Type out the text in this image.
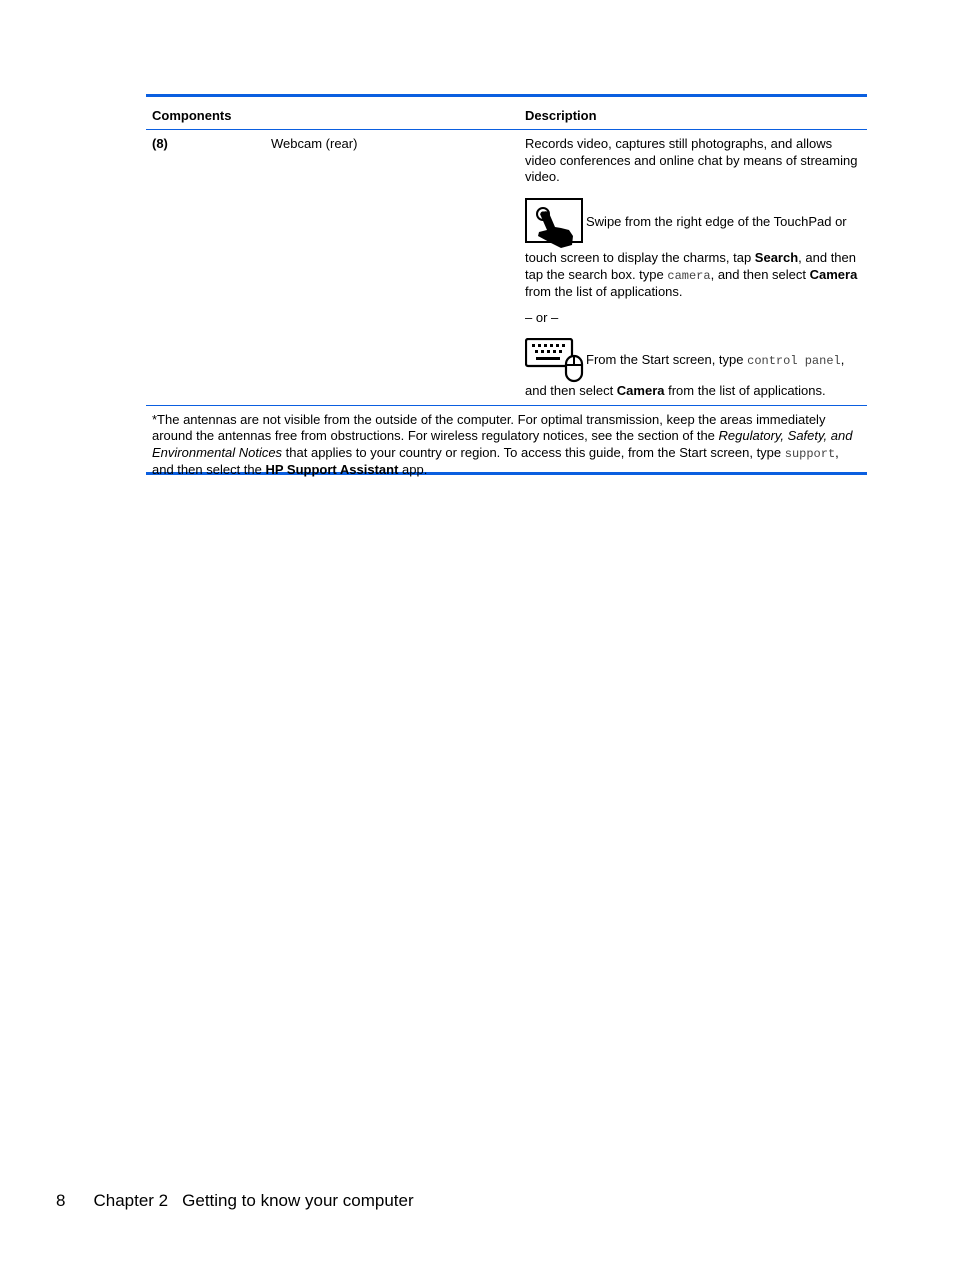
Components	Description
(8)	Webcam (rear)	Records video, captures still photographs, and allows video conferences and online chat by means of streaming video.
Swipe from the right edge of the TouchPad or
touch screen to display the charms, tap Search, and then tap the search box. type camera, and then select Camera from the list of applications.
– or –
From the Start screen, type control panel,
and then select Camera from the list of applications.
*The antennas are not visible from the outside of the computer. For optimal transmission, keep the areas immediately around the antennas free from obstructions. For wireless regulatory notices, see the section of the Regulatory, Safety, and Environmental Notices that applies to your country or region. To access this guide, from the Start screen, type support, and then select the HP Support Assistant app.
8 Chapter 2 Getting to know your computer
